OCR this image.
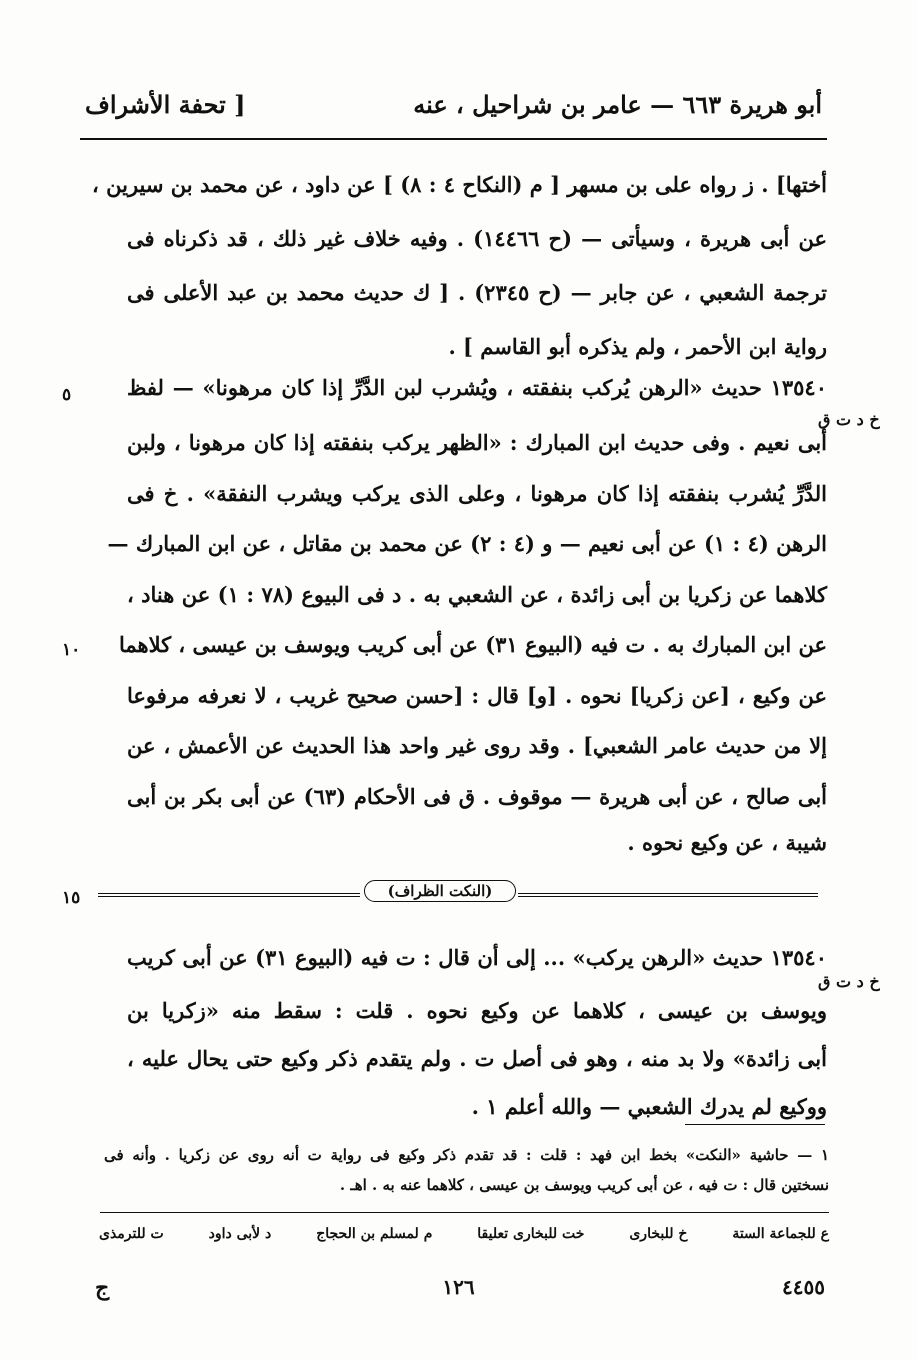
أبو هريرة ٦٦٣ — عامر بن شراحيل ، عنه
[ تحفة الأشراف
أختها] . ز رواه على بن مسهر [ م (النكاح ٤ : ٨) ] عن داود ، عن محمد بن سيرين ،
عن أبى هريرة ، وسيأتى — (ح ١٤٤٦٦) . وفيه خلاف غير ذلك ، قد ذكرناه فى
ترجمة الشعبي ، عن جابر — (ح ٢٣٤٥) . [ ك حديث محمد بن عبد الأعلى فى
رواية ابن الأحمر ، ولم يذكره أبو القاسم ] .
١٣٥٤٠ حديث «الرهن يُركب بنفقته ، ويُشرب لبن الدَّرِّ إذا كان مرهونا» — لفظ
أبى نعيم . وفى حديث ابن المبارك : «الظهر يركب بنفقته إذا كان مرهونا ، ولبن
الدَّرِّ يُشرب بنفقته إذا كان مرهونا ، وعلى الذى يركب ويشرب النفقة» . خ فى
الرهن (٤ : ١) عن أبى نعيم — و (٤ : ٢) عن محمد بن مقاتل ، عن ابن المبارك —
كلاهما عن زكريا بن أبى زائدة ، عن الشعبي به . د فى البيوع (٧٨ : ١) عن هناد ،
عن ابن المبارك به . ت فيه (البيوع ٣١) عن أبى كريب ويوسف بن عيسى ، كلاهما
عن وكيع ، [عن زكريا] نحوه . [و] قال : [حسن صحيح غريب ، لا نعرفه مرفوعا
إلا من حديث عامر الشعبي] . وقد روى غير واحد هذا الحديث عن الأعمش ، عن
أبى صالح ، عن أبى هريرة — موقوف . ق فى الأحكام (٦٣) عن أبى بكر بن أبى
شيبة ، عن وكيع نحوه .
٥
١٠
١٥
خ د ت ق
خ د ت ق
(النكت الظراف)
١٣٥٤٠ حديث «الرهن يركب» ... إلى أن قال : ت فيه (البيوع ٣١) عن أبى كريب
ويوسف بن عيسى ، كلاهما عن وكيع نحوه . قلت : سقط منه «زكريا بن
أبى زائدة» ولا بد منه ، وهو فى أصل ت . ولم يتقدم ذكر وكيع حتى يحال عليه ،
ووكيع لم يدرك الشعبي — والله أعلم ١ .
١ — حاشية «النكت» بخط ابن فهد : قلت : قد تقدم ذكر وكيع فى رواية ت أنه روى عن زكريا . وأنه فى
نسختين قال : ت فيه ، عن أبى كريب ويوسف بن عيسى ، كلاهما عنه به . اهـ .
ع للجماعة الستة
خ للبخارى
خت للبخارى تعليقا
م لمسلم بن الحجاج
د لأبى داود
ت للترمذى
٤٤٥٥
١٢٦
ج
